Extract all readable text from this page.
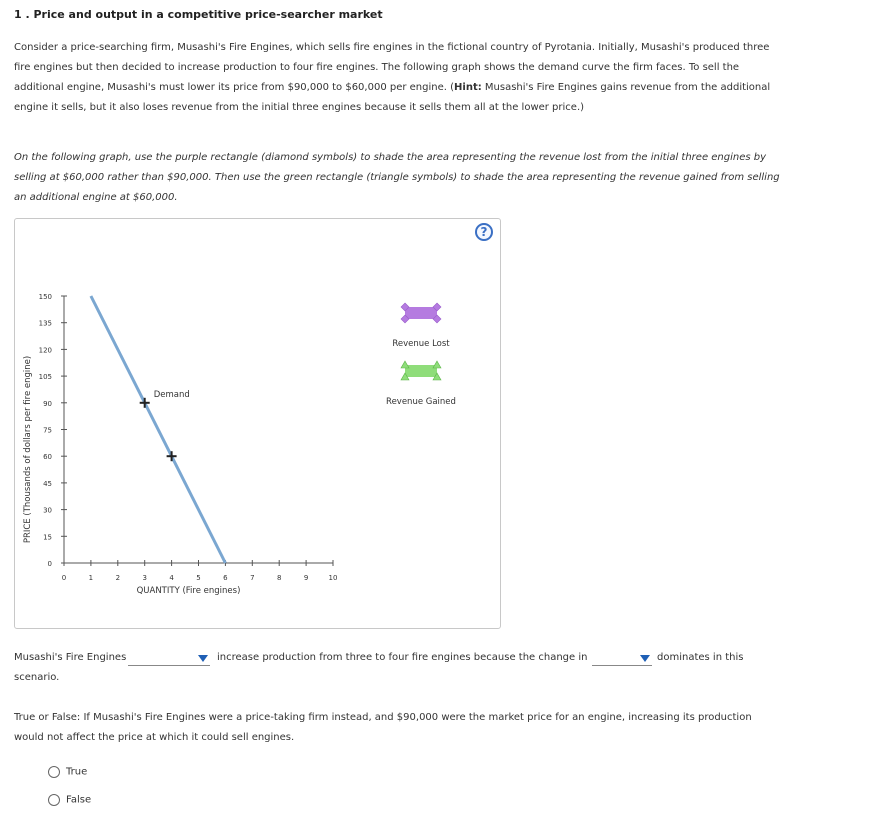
1 . Price and output in a competitive price-searcher market
Consider a price-searching firm, Musashi's Fire Engines, which sells fire engines in the fictional country of Pyrotania. Initially, Musashi's produced three fire engines but then decided to increase production to four fire engines. The following graph shows the demand curve the firm faces. To sell the additional engine, Musashi's must lower its price from $90,000 to $60,000 per engine. (Hint: Musashi's Fire Engines gains revenue from the additional engine it sells, but it also loses revenue from the initial three engines because it sells them all at the lower price.)
On the following graph, use the purple rectangle (diamond symbols) to shade the area representing the revenue lost from the initial three engines by selling at $60,000 rather than $90,000. Then use the green rectangle (triangle symbols) to shade the area representing the revenue gained from selling an additional engine at $60,000.
?
0
15
30
45
60
75
90
105
120
135
150
0	1	2	3	4	5	6	7	8	9	10
QUANTITY (Fire engines)
PRICE (Thousands of dollars per fire engine)	Demand
Revenue Lost
Revenue Gained
Musashi's Fire Engines	increase production from three to four fire engines because the change in	dominates in this
scenario.
True or False: If Musashi's Fire Engines were a price-taking firm instead, and $90,000 were the market price for an engine, increasing its production would not affect the price at which it could sell engines.
True
False
